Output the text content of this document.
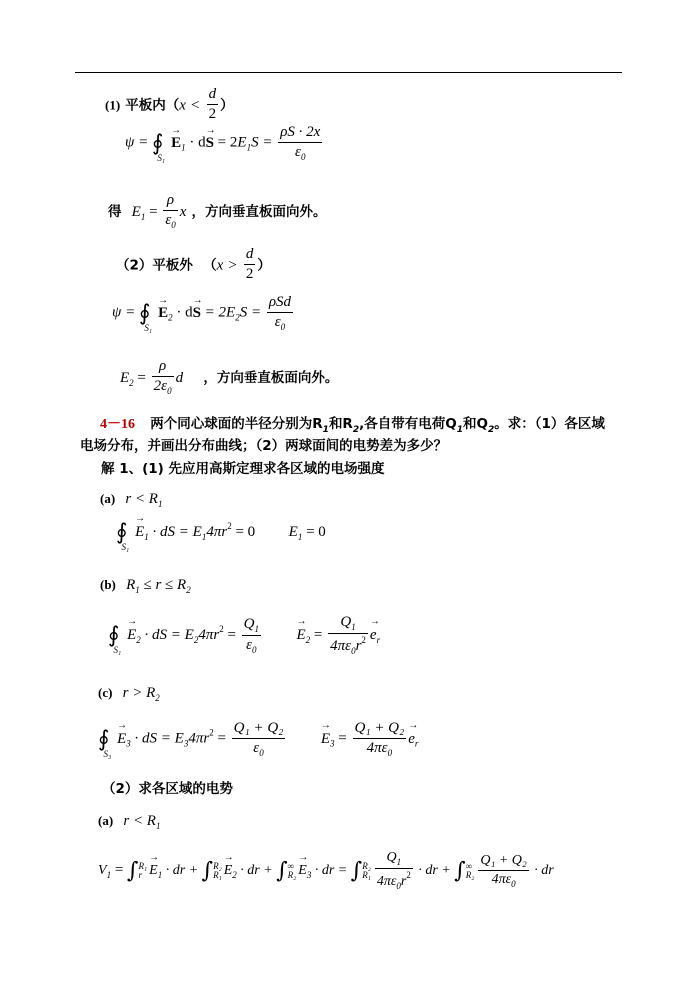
(1) 平板内（$x < \frac{d}{2}$ ）
$\psi = ∮_{S_1}\to E_1 \cdot d\to S = 2E_1S = \frac{\rho S \cdot 2x}{\varepsilon_0}$
得 $E_1 = \frac{\rho}{\varepsilon_0}$ x ，方向垂直板面向外。
（2）平板外 （$x > \frac{d}{2}$ ）
$\psi = ∮_{S_1}\to E_2 \cdot d\to S = 2E_2S = \frac{\text{ρSd}}{\varepsilon_0}$
$E_2 = \frac{\rho}{2\varepsilon_0}$ d ，方向垂直板面向外。
4－16 两个同心球面的半径分别为$R_1$和$R_2$,各自带有电荷$Q_1$和$Q_2$。求：（1）各区域
电场分布，并画出分布曲线；（2）两球面间的电势差为多少？
解 1、(1) 先应用高斯定理求各区域的电场强度
(a) $r < R_1$
$∮_{S_1}\to E_1$ · dS = $E_14\pi r^2 = 0$ $E_1 = 0$
(b) $R_1 \le r \le R_2$
$∮_{S_1}\to E_2$ · dS = $E_24\pi r^2 = \frac{Q_1}{\varepsilon_0}$
→ $E_2 = \frac{Q_1}{4\pi\varepsilon_0r^2}$
→ $e_r$
(c) $r > R_2$
$∮_{S_3}\to E_3$ · dS = $E_34\pi r^2 = \frac{\text{Q₁ + Q₂}}{\varepsilon_0}$
→ $E_3 = \frac{\text{Q₁ + Q₂}}{4\pi\varepsilon_0}$
→ $e_r$
（2）求各区域的电势
(a) $r < R_1$
$V_1$ = ∫ R₁
r
→ $E_1$ · dr + ∫ R₂
R₁
→ $E_2$ · dr + ∫ ∞
R₂
→ $E_3$ · dr = ∫ R₂
$R_1 \frac{Q_1}{4\pi\varepsilon_0r^2}$ · dr + ∫ ∞
$R_2 \frac{\text{Q₁ + Q₂}}{4\pi\varepsilon_0}$ · dr
